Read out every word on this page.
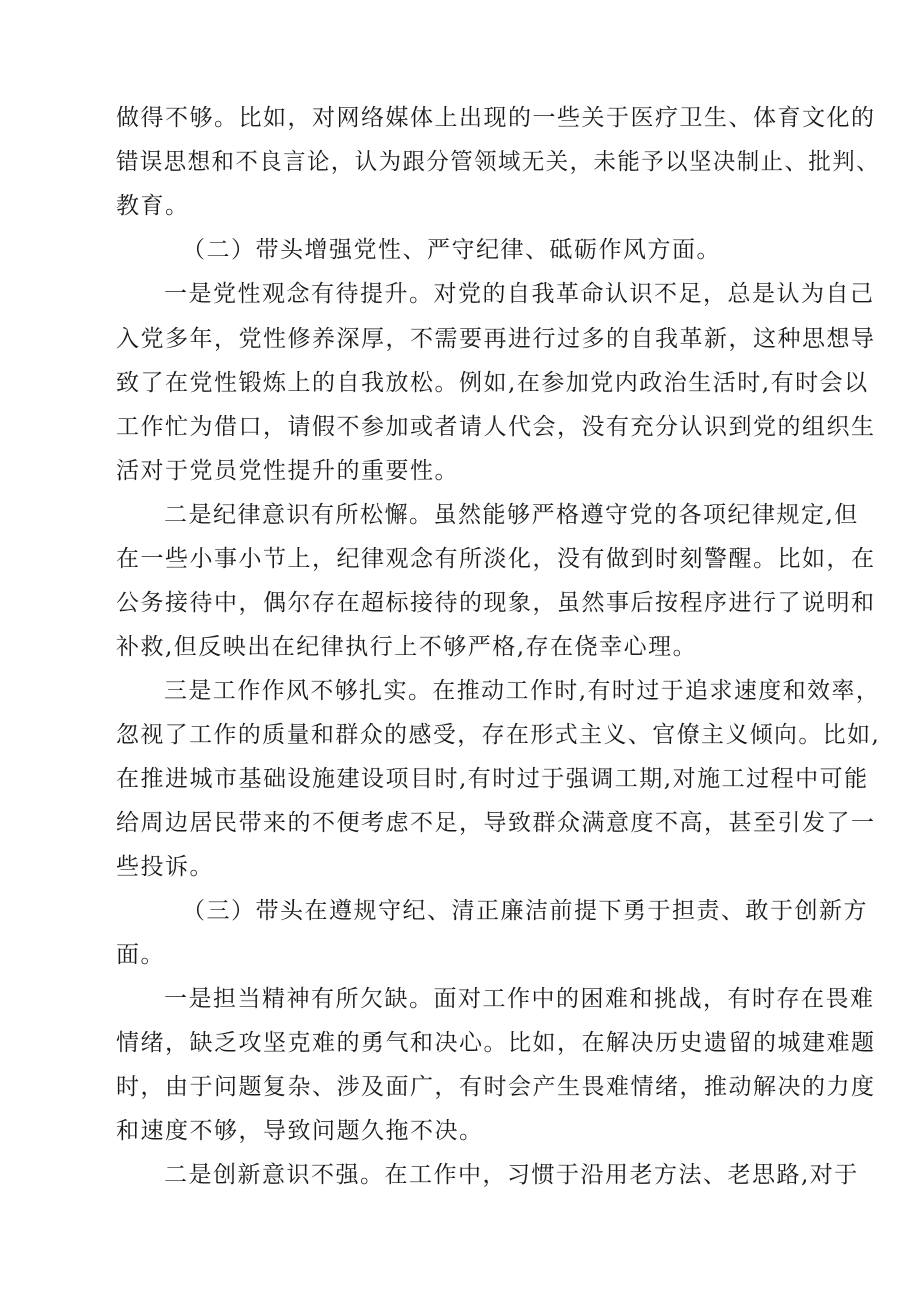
做得不够。比如，对网络媒体上出现的一些关于医疗卫生、体育文化的
错误思想和不良言论，认为跟分管领域无关，未能予以坚决制止、批判、
教育。
（二）带头增强党性、严守纪律、砥砺作风方面。
一是党性观念有待提升。对党的自我革命认识不足，总是认为自己
入党多年，党性修养深厚，不需要再进行过多的自我革新，这种思想导
致了在党性锻炼上的自我放松。例如,在参加党内政治生活时,有时会以
工作忙为借口，请假不参加或者请人代会，没有充分认识到党的组织生
活对于党员党性提升的重要性。
二是纪律意识有所松懈。虽然能够严格遵守党的各项纪律规定,但
在一些小事小节上，纪律观念有所淡化，没有做到时刻警醒。比如，在
公务接待中，偶尔存在超标接待的现象，虽然事后按程序进行了说明和
补救,但反映出在纪律执行上不够严格,存在侥幸心理。
三是工作作风不够扎实。在推动工作时,有时过于追求速度和效率，
忽视了工作的质量和群众的感受，存在形式主义、官僚主义倾向。比如,
在推进城市基础设施建设项目时,有时过于强调工期,对施工过程中可能
给周边居民带来的不便考虑不足，导致群众满意度不高，甚至引发了一
些投诉。
（三）带头在遵规守纪、清正廉洁前提下勇于担责、敢于创新方
面。
一是担当精神有所欠缺。面对工作中的困难和挑战，有时存在畏难
情绪，缺乏攻坚克难的勇气和决心。比如，在解决历史遗留的城建难题
时，由于问题复杂、涉及面广，有时会产生畏难情绪，推动解决的力度
和速度不够，导致问题久拖不决。
二是创新意识不强。在工作中，习惯于沿用老方法、老思路,对于
